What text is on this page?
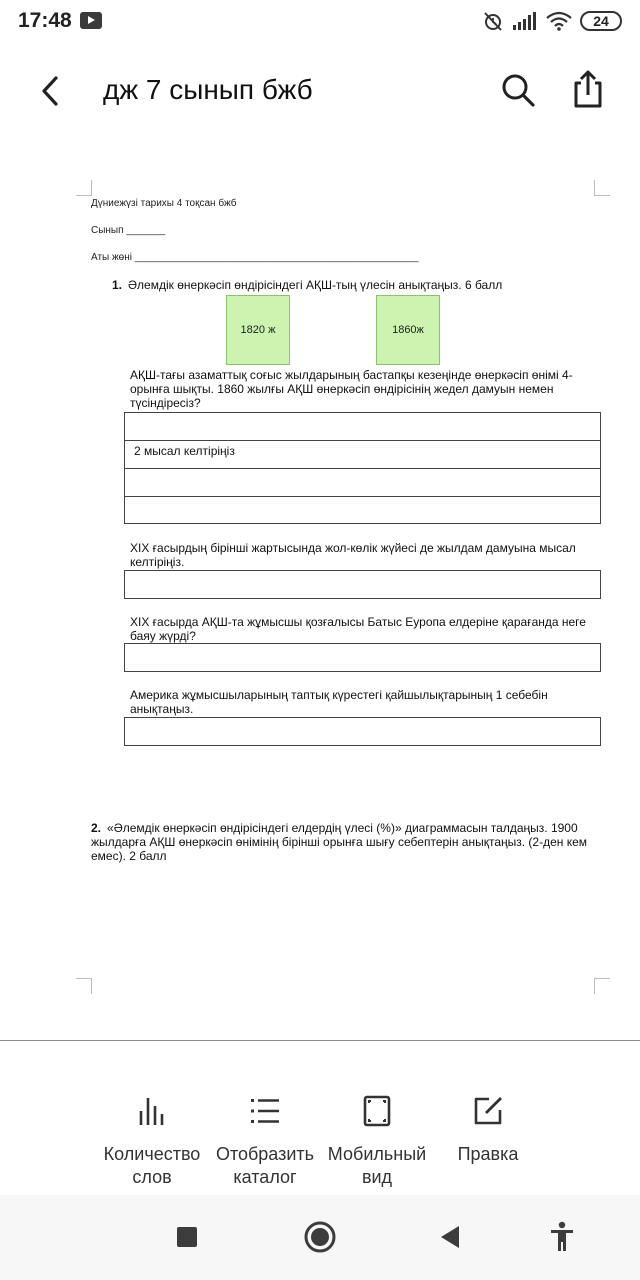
17:48	24
дж 7 сынып бжб
Дүниежүзі тарихы 4 тоқсан бжб
Сынып _______
Аты жөні ___________________________________________________
1. Әлемдік өнеркәсіп өндірісіндегі АҚШ-тың үлесін анықтаңыз. 6 балл
1820 ж	1860ж
АҚШ-тағы азаматтық соғыс жылдарының бастапқы кезеңінде өнеркәсіп өнімі 4-орынға шықты. 1860 жылғы АҚШ өнеркәсіп өндірісінің жедел дамуын немен түсіндіресіз?
2 мысал келтіріңіз
XIX ғасырдың бірінші жартысында жол-көлік жүйесі де жылдам дамуына мысал келтіріңіз.
XIX ғасырда АҚШ-та жұмысшы қозғалысы Батыс Еуропа елдеріне қарағанда неге баяу жүрді?
Америка жұмысшыларының таптық күрестегі қайшылықтарының 1 себебін анықтаңыз.
2. «Әлемдік өнеркәсіп өндірісіндегі елдердің үлесі (%)» диаграммасын талдаңыз. 1900 жылдарға АҚШ өнеркәсіп өнімінің бірінші орынға шығу себептерін анықтаңыз. (2-ден кем емес). 2 балл
Количество
слов
Отобразить
каталог
Мобильный
вид
Правка
